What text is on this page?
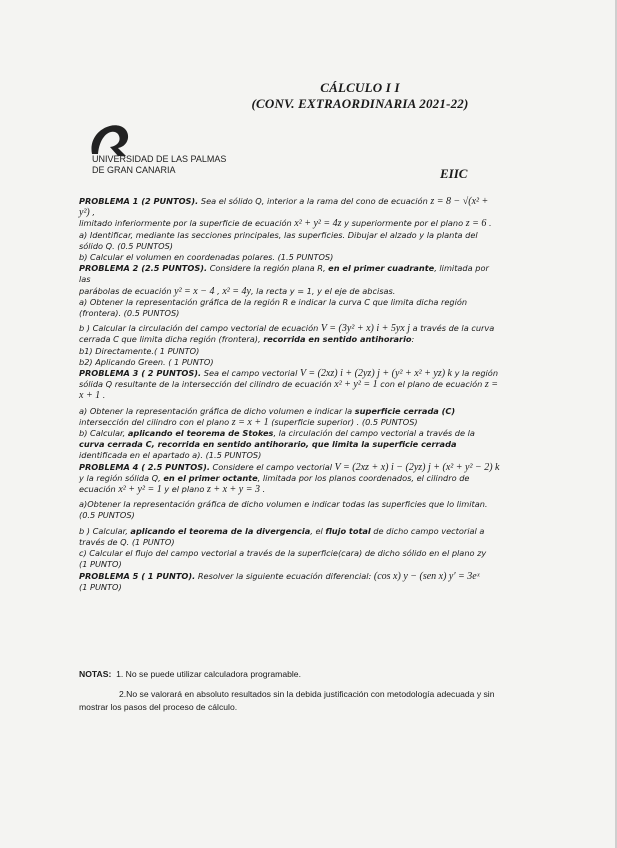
CÁLCULO I I
(CONV. EXTRAORDINARIA 2021-22)
UNIVERSIDAD DE LAS PALMAS
DE GRAN CANARIA	EIIC

PROBLEMA 1 (2 PUNTOS). Sea el sólido Q, interior a la rama del cono de ecuación z = 8 − √(x² + y²) ,

limitado inferiormente por la superficie de ecuación x² + y² = 4z y superiormente por el plano z = 6 .

a) Identificar, mediante las secciones principales, las superficies. Dibujar el alzado y la planta del sólido Q. (0.5 PUNTOS)

b) Calcular el volumen en coordenadas polares. (1.5 PUNTOS)

PROBLEMA 2 (2.5 PUNTOS). Considere la región plana R, en el primer cuadrante, limitada por las

parábolas de ecuación y² = x − 4 , x² = 4y, la recta y = 1, y el eje de abcisas.

a) Obtener la representación gráfica de la región R e indicar la curva C que limita dicha región (frontera). (0.5 PUNTOS)

b ) Calcular la circulación del campo vectorial de ecuación V = (3y² + x) i + 5yx j a través de la curva cerrada C que limita dicha región (frontera), recorrida en sentido antihorario:

b1) Directamente.( 1 PUNTO)

b2) Aplicando Green. ( 1 PUNTO)

PROBLEMA 3 ( 2 PUNTOS). Sea el campo vectorial V = (2xz) i + (2yz) j + (y² + x² + yz) k y la región sólida Q resultante de la intersección del cilindro de ecuación x² + y² = 1 con el plano de ecuación z = x + 1 .

a) Obtener la representación gráfica de dicho volumen e indicar la superficie cerrada (C) intersección del cilindro con el plano z = x + 1 (superficie superior) . (0.5 PUNTOS)

b) Calcular, aplicando el teorema de Stokes, la circulación del campo vectorial a través de la curva cerrada C, recorrida en sentido antihorario, que limita la superficie cerrada identificada en el apartado a). (1.5 PUNTOS)

PROBLEMA 4 ( 2.5 PUNTOS). Considere el campo vectorial V = (2xz + x) i − (2yz) j + (x² + y² − 2) k y la región sólida Q, en el primer octante, limitada por los planos coordenados, el cilindro de ecuación x² + y² = 1 y el plano z + x + y = 3 .

a)Obtener la representación gráfica de dicho volumen e indicar todas las superficies que lo limitan. (0.5 PUNTOS)

b ) Calcular, aplicando el teorema de la divergencia, el flujo total de dicho campo vectorial a través de Q. (1 PUNTO)

c) Calcular el flujo del campo vectorial a través de la superficie(cara) de dicho sólido en el plano zy

(1 PUNTO)

PROBLEMA 5 ( 1 PUNTO). Resolver la siguiente ecuación diferencial: (cos x) y − (sen x) y′ = 3eˣ

(1 PUNTO)

NOTAS: 1. No se puede utilizar calculadora programable.
2.No se valorará en absoluto resultados sin la debida justificación con metodología adecuada y sin mostrar los pasos del proceso de cálculo.
